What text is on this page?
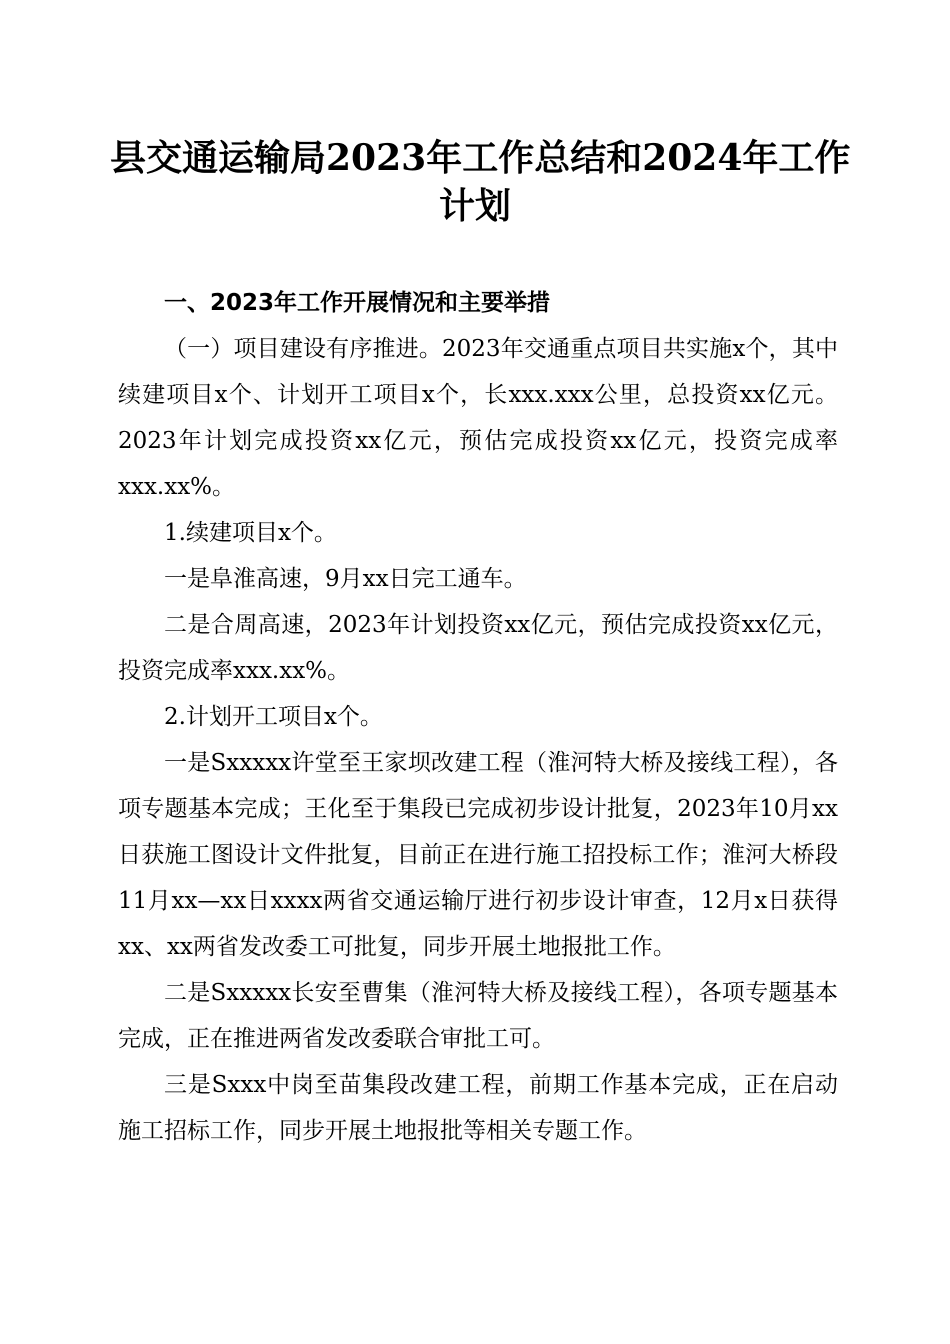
县交通运输局2023年工作总结和2024年工作
计划

一、2023年工作开展情况和主要举措

（一）项目建设有序推进。2023年交通重点项目共实施x个，其中续建项目x个、计划开工项目x个，长xxx.xxx公里，总投资xx亿元。2023年计划完成投资xx亿元，预估完成投资xx亿元，投资完成率xxx.xx%。

1.续建项目x个。

一是阜淮高速，9月xx日完工通车。

二是合周高速，2023年计划投资xx亿元，预估完成投资xx亿元，投资完成率xxx.xx%。

2.计划开工项目x个。

一是Sxxxxx许堂至王家坝改建工程（淮河特大桥及接线工程），各项专题基本完成；王化至于集段已完成初步设计批复，2023年10月xx日获施工图设计文件批复，目前正在进行施工招投标工作；淮河大桥段11月xx—xx日xxxx两省交通运输厅进行初步设计审查，12月x日获得xx、xx两省发改委工可批复，同步开展土地报批工作。

二是Sxxxxx长安至曹集（淮河特大桥及接线工程），各项专题基本完成，正在推进两省发改委联合审批工可。

三是Sxxx中岗至苗集段改建工程，前期工作基本完成，正在启动施工招标工作，同步开展土地报批等相关专题工作。
